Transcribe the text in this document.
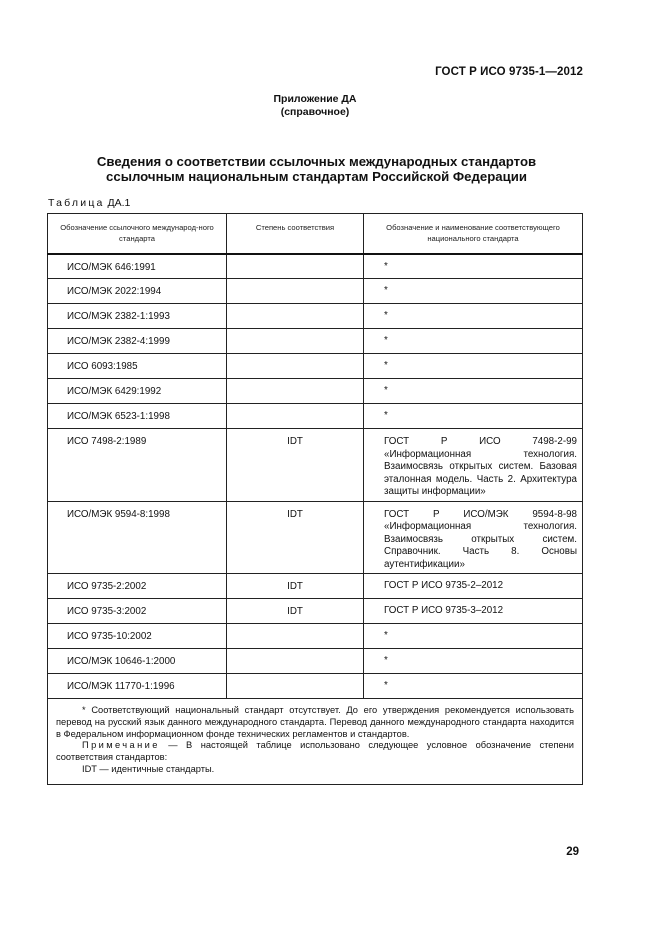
ГОСТ Р ИСО 9735-1—2012
Приложение ДА
(справочное)
Сведения о соответствии ссылочных международных стандартов
ссылочным национальным стандартам Российской Федерации
Таблица ДА.1
Обозначение ссылочного международ-ного стандарта	Степень соответствия	Обозначение и наименование соответствующего национального стандарта
ИСО/МЭК 646:1991		*
ИСО/МЭК 2022:1994		*
ИСО/МЭК 2382-1:1993		*
ИСО/МЭК 2382-4:1999		*
ИСО 6093:1985		*
ИСО/МЭК 6429:1992		*
ИСО/МЭК 6523-1:1998		*
ИСО 7498-2:1989	IDT	ГОСТ Р ИСО 7498-2-99 «Информационная технология. Взаимосвязь открытых систем. Базовая эталонная модель. Часть 2. Архитектура защиты информации»
ИСО/МЭК 9594-8:1998	IDT	ГОСТ Р ИСО/МЭК 9594-8-98 «Информационная технология. Взаимосвязь открытых систем. Справочник. Часть 8. Основы аутентификации»
ИСО 9735-2:2002	IDT	ГОСТ Р ИСО 9735-2–2012
ИСО 9735-3:2002	IDT	ГОСТ Р ИСО 9735-3–2012
ИСО 9735-10:2002		*
ИСО/МЭК 10646-1:2000		*
ИСО/МЭК 11770-1:1996		*

* Соответствующий национальный стандарт отсутствует. До его утверждения рекомендуется использовать перевод на русский язык данного международного стандарта. Перевод данного международного стандарта находится в Федеральном информационном фонде технических регламентов и стандартов.
Примечание — В настоящей таблице использовано следующее условное обозначение степени соответствия стандартов:
IDT — идентичные стандарты.		
29
